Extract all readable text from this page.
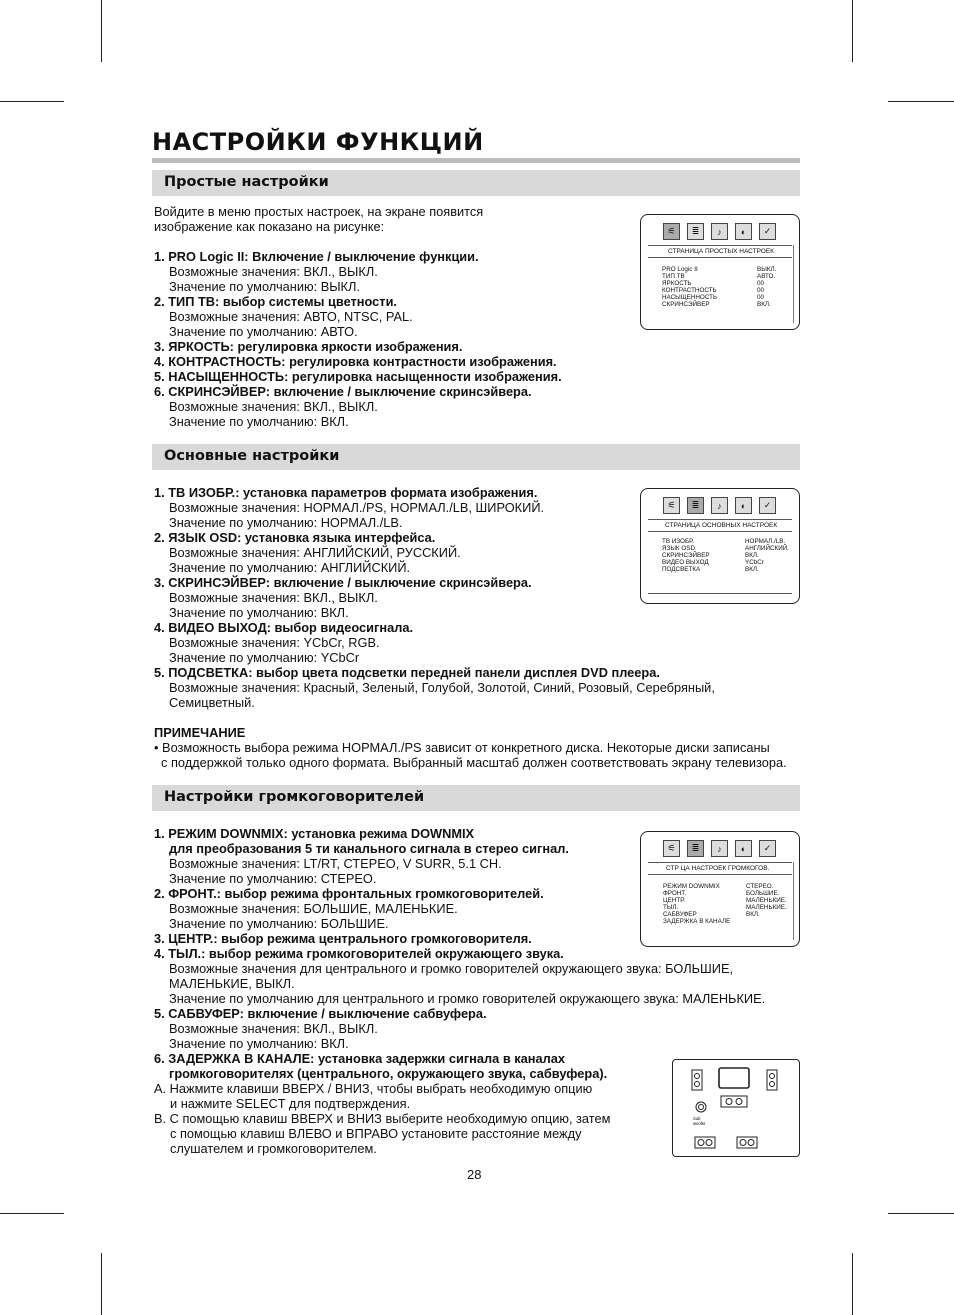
НАСТРОЙКИ ФУНКЦИЙ
Простые настройки
Войдите в меню простых настроек, на экране появится
изображение как показано на рисунке:
1. PRO Logic II: Включение / выключение функции.
Возможные значения: ВКЛ., ВЫКЛ.
Значение по умолчанию: ВЫКЛ.
2. ТИП ТВ: выбор системы цветности.
Возможные значения: АВТО, NTSC, PAL.
Значение по умолчанию: АВТО.
3. ЯРКОСТЬ: регулировка яркости изображения.
4. КОНТРАСТНОСТЬ: регулировка контрастности изображения.
5. НАСЫЩЕННОСТЬ: регулировка насыщенности изображения.
6. СКРИНСЭЙВЕР: включение / выключение скринсэйвера.
Возможные значения: ВКЛ., ВЫКЛ.
Значение по умолчанию: ВКЛ.
⚟	≣	♪	◐	✓
СТРАНИЦА ПРОСТЫХ НАСТРОЕК
PRO Logic II	ВЫКЛ.
ТИП ТВ	АВТО.
ЯРКОСТЬ	00
КОНТРАСТНОСТЬ	00
НАСЫЩЕННОСТЬ	00
СКРИНСЭЙВЕР	ВКЛ.
Основные настройки
1. ТВ ИЗОБР.: установка параметров формата изображения.
Возможные значения: НОРМАЛ./PS, НОРМАЛ./LB, ШИРОКИЙ.
Значение по умолчанию: НОРМАЛ./LB.
2. ЯЗЫК OSD: установка языка интерфейса.
Возможные значения: АНГЛИЙСКИЙ, РУССКИЙ.
Значение по умолчанию: АНГЛИЙСКИЙ.
3. СКРИНСЭЙВЕР: включение / выключение скринсэйвера.
Возможные значения: ВКЛ., ВЫКЛ.
Значение по умолчанию: ВКЛ.
4. ВИДЕО ВЫХОД: выбор видеосигнала.
Возможные значения: YCbCr, RGB.
Значение по умолчанию: YCbCr
5. ПОДСВЕТКА: выбор цвета подсветки передней панели дисплея DVD плеера.
Возможные значения: Красный, Зеленый, Голубой, Золотой, Синий, Розовый, Серебряный,
Семицветный.
ПРИМЕЧАНИЕ
• Возможность выбора режима НОРМАЛ./PS зависит от конкретного диска. Некоторые диски записаны
с поддержкой только одного формата. Выбранный масштаб должен соответствовать экрану телевизора.
⚟	≣	♪	◐	✓
СТРАНИЦА ОСНОВНЫХ НАСТРОЕК
ТВ ИЗОБР.	НОРМАЛ./LB.
ЯЗЫК OSD	АНГЛИЙСКИЙ.
СКРИНСЭЙВЕР	ВКЛ.
ВИДЕО ВЫХОД	YCbCr
ПОДСВЕТКА	ВКЛ.
Настройки громкоговорителей
1. РЕЖИМ DOWNMIX: установка режима DOWNMIX
для преобразования 5 ти канального сигнала в стерео сигнал.
Возможные значения: LT/RT, СТЕРЕО, V SURR, 5.1 CH.
Значение по умолчанию: СТЕРЕО.
2. ФРОНТ.: выбор режима фронтальных громкоговорителей.
Возможные значения: БОЛЬШИЕ, МАЛЕНЬКИЕ.
Значение по умолчанию: БОЛЬШИЕ.
3. ЦЕНТР.: выбор режима центрального громкоговорителя.
4. ТЫЛ.: выбор режима громкоговорителей окружающего звука.
Возможные значения для центрального и громко говорителей окружающего звука: БОЛЬШИЕ,
МАЛЕНЬКИЕ, ВЫКЛ.
Значение по умолчанию для центрального и громко говорителей окружающего звука: МАЛЕНЬКИЕ.
5. САБВУФЕР: включение / выключение сабвуфера.
Возможные значения: ВКЛ., ВЫКЛ.
Значение по умолчанию: ВКЛ.
6. ЗАДЕРЖКА В КАНАЛЕ: установка задержки сигнала в каналах
громкоговорителях (центрального, окружающего звука, сабвуфера).
A. Нажмите клавиши ВВЕРХ / ВНИЗ, чтобы выбрать необходимую опцию
и нажмите SELECT для подтверждения.
B. С помощью клавиш ВВЕРХ и ВНИЗ выберите необходимую опцию, затем
с помощью клавиш ВЛЕВО и ВПРАВО установите расстояние между
слушателем и громкоговорителем.
⚟	≣	♪	◐	✓
СТР ЦА НАСТРОЕК ГРОМКОГОВ.
РЕЖИМ DOWNMIX	СТЕРЕО.
ФРОНТ.	БОЛЬШИЕ.
ЦЕНТР.	МАЛЕНЬКИЕ.
ТЫЛ.	МАЛЕНЬКИЕ.
САБВУФЕР	ВКЛ.
ЗАДЕРЖКА В КАНАЛЕ
Sub
woofer
28
